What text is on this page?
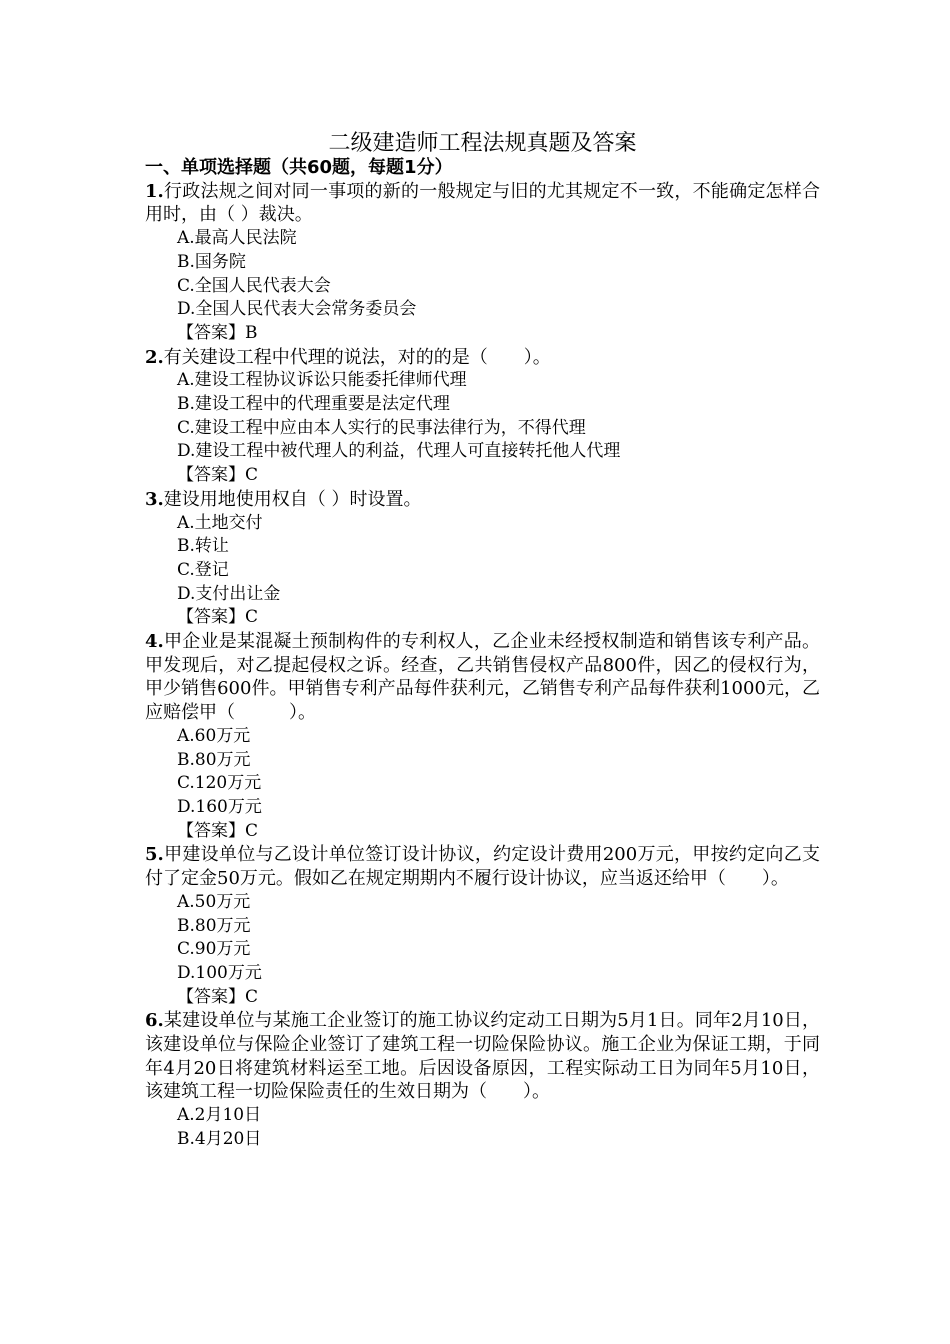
二级建造师工程法规真题及答案
一、单项选择题（共60题，每题1分）

1.行政法规之间对同一事项的新的一般规定与旧的尤其规定不一致，不能确定怎样合用时，由（ ）裁决。

A.最高人民法院
B.国务院
C.全国人民代表大会
D.全国人民代表大会常务委员会
【答案】B

2.有关建设工程中代理的说法，对的的是（　　）。

A.建设工程协议诉讼只能委托律师代理
B.建设工程中的代理重要是法定代理
C.建设工程中应由本人实行的民事法律行为，不得代理
D.建设工程中被代理人的利益，代理人可直接转托他人代理
【答案】C

3.建设用地使用权自（ ）时设置。

A.土地交付
B.转让
C.登记
D.支付出让金
【答案】C

4.甲企业是某混凝土预制构件的专利权人，乙企业未经授权制造和销售该专利产品。甲发现后，对乙提起侵权之诉。经查，乙共销售侵权产品800件，因乙的侵权行为，甲少销售600件。甲销售专利产品每件获利元，乙销售专利产品每件获利1000元，乙应赔偿甲（　　　）。

A.60万元
B.80万元
C.120万元
D.160万元
【答案】C

5.甲建设单位与乙设计单位签订设计协议，约定设计费用200万元，甲按约定向乙支付了定金50万元。假如乙在规定期期内不履行设计协议，应当返还给甲（　　）。

A.50万元
B.80万元
C.90万元
D.100万元
【答案】C

6.某建设单位与某施工企业签订的施工协议约定动工日期为5月1日。同年2月10日，该建设单位与保险企业签订了建筑工程一切险保险协议。施工企业为保证工期，于同年4月20日将建筑材料运至工地。后因设备原因，工程实际动工日为同年5月10日，该建筑工程一切险保险责任的生效日期为（　　）。

A.2月10日
B.4月20日
